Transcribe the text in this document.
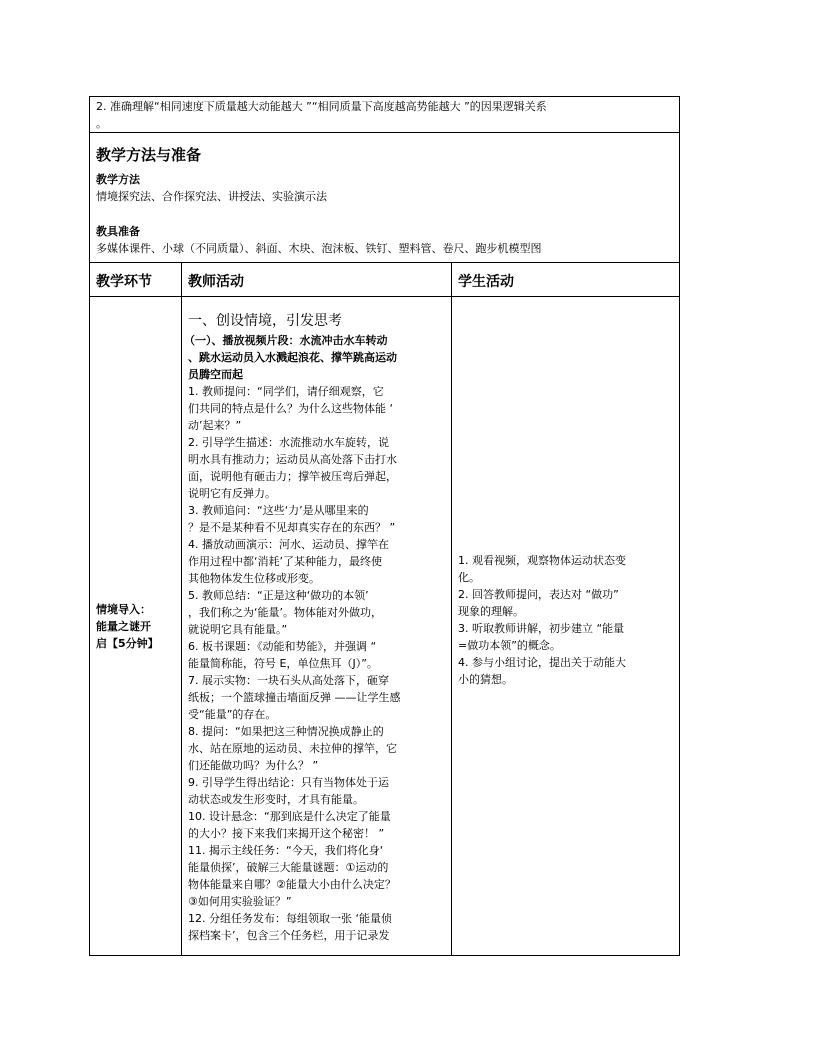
2. 准确理解“相同速度下质量越大动能越大 ”“相同质量下高度越高势能越大 ”的因果逻辑关系
。
教学方法与准备
教学方法
情境探究法、合作探究法、讲授法、实验演示法
教具准备
多媒体课件、小球（不同质量）、斜面、木块、泡沫板、铁钉、塑料管、卷尺、跑步机模型图
教学环节	教师活动	学生活动
情境导入：
能量之谜开
启【5分钟】
一、创设情境，引发思考
（一）、播放视频片段：水流冲击水车转动
、跳水运动员入水溅起浪花、撑竿跳高运动
员腾空而起
1. 教师提问：“同学们，请仔细观察，它
们共同的特点是什么？为什么这些物体能 ‘
动’起来？”
2. 引导学生描述：水流推动水车旋转，说
明水具有推动力；运动员从高处落下击打水
面，说明他有砸击力；撑竿被压弯后弹起，
说明它有反弹力。
3. 教师追问：“这些‘力’是从哪里来的
？是不是某种看不见却真实存在的东西？ ”
4. 播放动画演示：河水、运动员、撑竿在
作用过程中都‘消耗’了某种能力，最终使
其他物体发生位移或形变。
5. 教师总结：“正是这种‘做功的本领’
，我们称之为‘能量’。物体能对外做功，
就说明它具有能量。”
6. 板书课题：《动能和势能》，并强调 “
能量简称能，符号 E，单位焦耳（J）”。
7. 展示实物：一块石头从高处落下，砸穿
纸板；一个篮球撞击墙面反弹 ——让学生感
受“能量”的存在。
8. 提问：“如果把这三种情况换成静止的
水、站在原地的运动员、未拉伸的撑竿，它
们还能做功吗？为什么？ ”
9. 引导学生得出结论：只有当物体处于运
动状态或发生形变时，才具有能量。
10. 设计悬念：“那到底是什么决定了能量
的大小？接下来我们来揭开这个秘密！ ”
11. 揭示主线任务：“今天，我们将化身‘
能量侦探’，破解三大能量谜题：①运动的
物体能量来自哪？②能量大小由什么决定？
③如何用实验验证？”
12. 分组任务发布：每组领取一张 ‘能量侦
探档案卡’，包含三个任务栏，用于记录发
1. 观看视频，观察物体运动状态变
化。
2. 回答教师提问，表达对 “做功”
现象的理解。
3. 听取教师讲解，初步建立 “能量
=做功本领”的概念。
4. 参与小组讨论，提出关于动能大
小的猜想。
